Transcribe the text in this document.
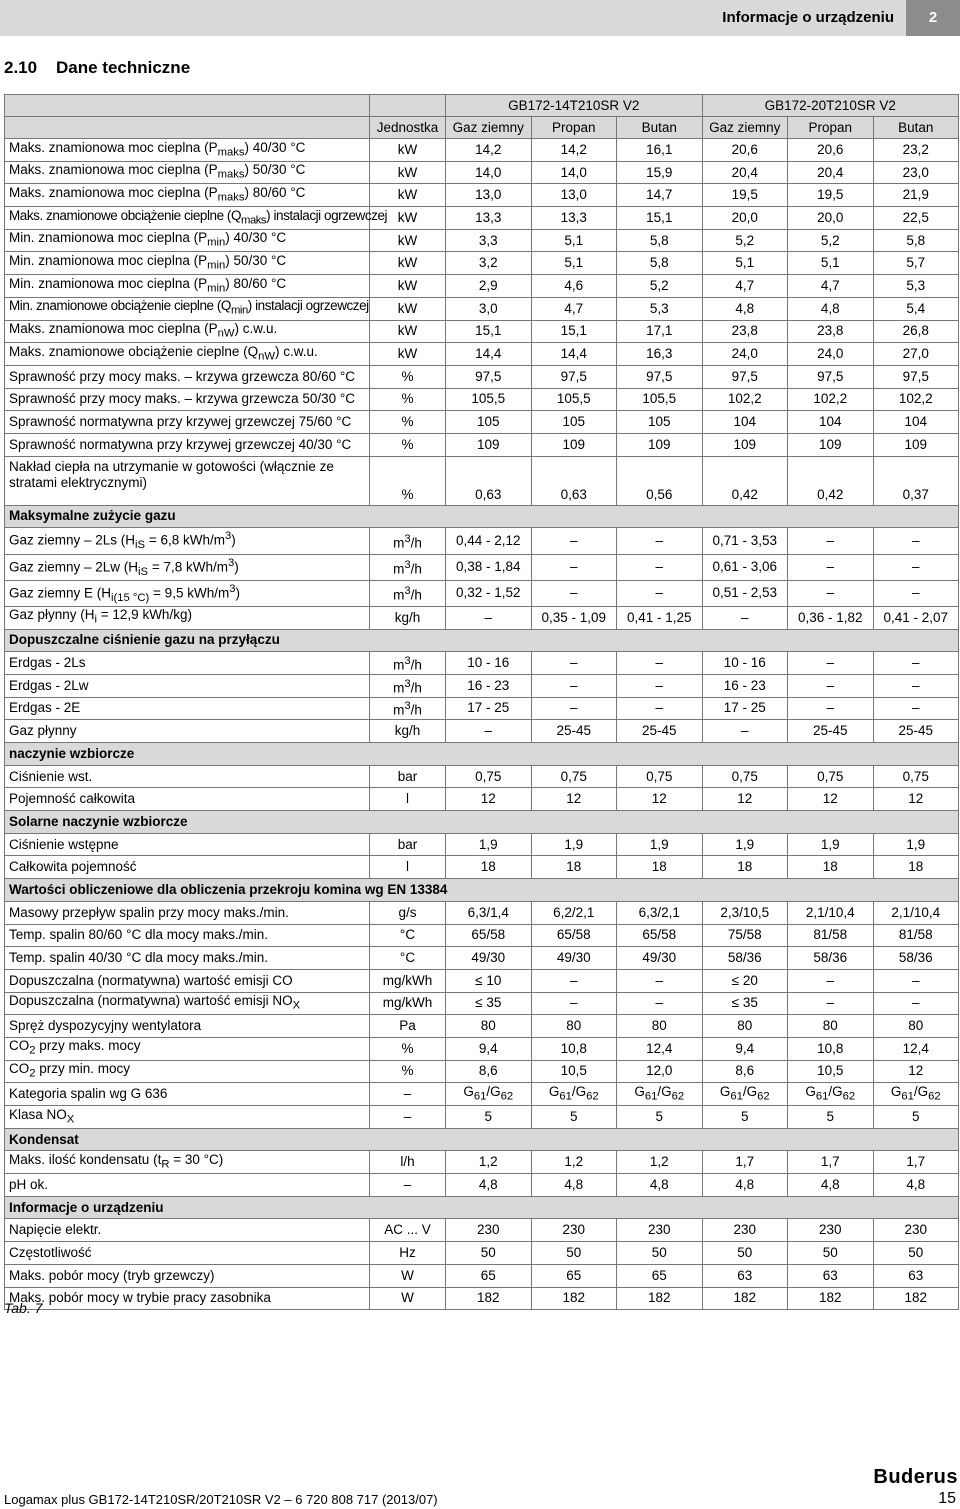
Informacje o urządzeniu	2
2.10 Dane techniczne
		GB172-14T210SR V2			GB172-20T210SR V2		
	Jednostka	Gaz ziemny	Propan	Butan	Gaz ziemny	Propan	Butan
Maks. znamionowa moc cieplna $(P_{maks})$ 40/30 °C	kW	14,2	14,2	16,1	20,6	20,6	23,2
Maks. znamionowa moc cieplna $(P_{maks})$ 50/30 °C	kW	14,0	14,0	15,9	20,4	20,4	23,0
Maks. znamionowa moc cieplna $(P_{maks})$ 80/60 °C	kW	13,0	13,0	14,7	19,5	19,5	21,9
Maks. znamionowe obciążenie cieplne $(Q_{maks})$ instalacji ogrzewczej	kW	13,3	13,3	15,1	20,0	20,0	22,5
Min. znamionowa moc cieplna $(P_{min})$ 40/30 °C	kW	3,3	5,1	5,8	5,2	5,2	5,8
Min. znamionowa moc cieplna $(P_{min})$ 50/30 °C	kW	3,2	5,1	5,8	5,1	5,1	5,7
Min. znamionowa moc cieplna $(P_{min})$ 80/60 °C	kW	2,9	4,6	5,2	4,7	4,7	5,3
Min. znamionowe obciążenie cieplne $(Q_{min})$ instalacji ogrzewczej	kW	3,0	4,7	5,3	4,8	4,8	5,4
Maks. znamionowa moc cieplna $(P_{nW})$ c.w.u.	kW	15,1	15,1	17,1	23,8	23,8	26,8
Maks. znamionowe obciążenie cieplne $(Q_{nW})$ c.w.u.	kW	14,4	14,4	16,3	24,0	24,0	27,0
Sprawność przy mocy maks. – krzywa grzewcza 80/60 °C	%	97,5	97,5	97,5	97,5	97,5	97,5
Sprawność przy mocy maks. – krzywa grzewcza 50/30 °C	%	105,5	105,5	105,5	102,2	102,2	102,2
Sprawność normatywna przy krzywej grzewczej 75/60 °C	%	105	105	105	104	104	104
Sprawność normatywna przy krzywej grzewczej 40/30 °C	%	109	109	109	109	109	109
Nakład ciepła na utrzymanie w gotowości (włącznie ze stratami elektrycznymi)	%	0,63	0,63	0,56	0,42	0,42	0,37
Maksymalne zużycie gazu							
Gaz ziemny – 2Ls ($H_{iS} = 6,8$ kWh/$m^3$)	$m^3/h$	0,44 - 2,12	–	–	0,71 - 3,53	–	–
Gaz ziemny – 2Lw ($H_{iS} = 7,8$ kWh/$m^3$)	$m^3/h$	0,38 - 1,84	–	–	0,61 - 3,06	–	–
Gaz ziemny E ($H_{i(15 ^\circ C)} = 9,5$ kWh/$m^3$)	$m^3/h$	0,32 - 1,52	–	–	0,51 - 2,53	–	–
Gaz płynny ($H_i = 12,9$ kWh/kg)	kg/h	–	0,35 - 1,09	0,41 - 1,25	–	0,36 - 1,82	0,41 - 2,07
Dopuszczalne ciśnienie gazu na przyłączu							
Erdgas - 2Ls	$m^3/h$	10 - 16	–	–	10 - 16	–	–
Erdgas - 2Lw	$m^3/h$	16 - 23	–	–	16 - 23	–	–
Erdgas - 2E	$m^3/h$	17 - 25	–	–	17 - 25	–	–
Gaz płynny	kg/h	–	25-45	25-45	–	25-45	25-45
naczynie wzbiorcze							
Ciśnienie wst.	bar	0,75	0,75	0,75	0,75	0,75	0,75
Pojemność całkowita	l	12	12	12	12	12	12
Solarne naczynie wzbiorcze							
Ciśnienie wstępne	bar	1,9	1,9	1,9	1,9	1,9	1,9
Całkowita pojemność	l	18	18	18	18	18	18
Wartości obliczeniowe dla obliczenia przekroju komina wg EN 13384							
Masowy przepływ spalin przy mocy maks./min.	g/s	6,3/1,4	6,2/2,1	6,3/2,1	2,3/10,5	2,1/10,4	2,1/10,4
Temp. spalin 80/60 °C dla mocy maks./min.	°C	65/58	65/58	65/58	75/58	81/58	81/58
Temp. spalin 40/30 °C dla mocy maks./min.	°C	49/30	49/30	49/30	58/36	58/36	58/36
Dopuszczalna (normatywna) wartość emisji CO	mg/kWh	≤ 10	–	–	≤ 20	–	–
Dopuszczalna (normatywna) wartość emisji $NO_X$	mg/kWh	≤ 35	–	–	≤ 35	–	–
Spręż dyspozycyjny wentylatora	Pa	80	80	80	80	80	80
$CO_2$ przy maks. mocy	%	9,4	10,8	12,4	9,4	10,8	12,4
$CO_2$ przy min. mocy	%	8,6	10,5	12,0	8,6	10,5	12
Kategoria spalin wg G 636	–	$G_{61}/G_{62}$	$G_{61}/G_{62}$	$G_{61}/G_{62}$	$G_{61}/G_{62}$	$G_{61}/G_{62}$	$G_{61}/G_{62}$
Klasa $NO_X$	–	5	5	5	5	5	5
Kondensat							
Maks. ilość kondensatu ($t_R = 30$ °C)	l/h	1,2	1,2	1,2	1,7	1,7	1,7
pH ok.	–	4,8	4,8	4,8	4,8	4,8	4,8
Informacje o urządzeniu							
Napięcie elektr.	AC ... V	230	230	230	230	230	230
Częstotliwość	Hz	50	50	50	50	50	50
Maks. pobór mocy (tryb grzewczy)	W	65	65	65	63	63	63
Maks. pobór mocy w trybie pracy zasobnika	W	182	182	182	182	182	182
Tab. 7
Logamax plus GB172-14T210SR/20T210SR V2 – 6 720 808 717 (2013/07)
Buderus
15
